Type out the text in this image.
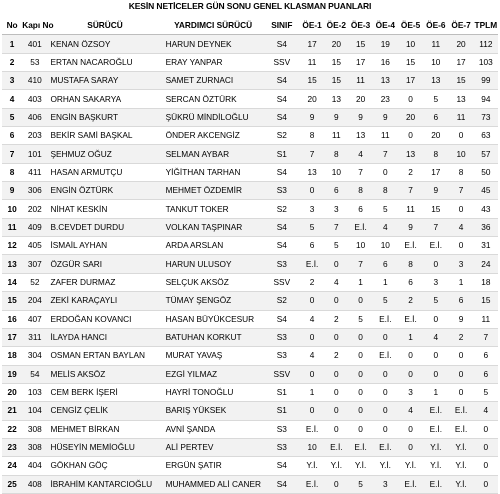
KESİN NETİCELER GÜN SONU GENEL KLASMAN PUANLARI
No	Kapı No	SÜRÜCÜ	YARDIMCI SÜRÜCÜ	SINIF	ÖE-1	ÖE-2	ÖE-3	ÖE-4	ÖE-5	ÖE-6	ÖE-7	TPLM
1	401	KENAN ÖZSOY	HARUN DEYNEK	S4	17	20	15	19	10	11	20	112
2	53	ERTAN NACAROĞLU	ERAY YANPAR	SSV	11	15	17	16	15	10	17	103
3	410	MUSTAFA SARAY	SAMET ZURNACI	S4	15	15	11	13	17	13	15	99
4	403	ORHAN SAKARYA	SERCAN ÖZTÜRK	S4	20	13	20	23	0	5	13	94
5	406	ENGİN BAŞKURT	ŞÜKRÜ MİNDİLOĞLU	S4	9	9	9	9	20	6	11	73
6	203	BEKİR SAMİ BAŞKAL	ÖNDER AKCENGİZ	S2	8	11	13	11	0	20	0	63
7	101	ŞEHMUZ OĞUZ	SELMAN AYBAR	S1	7	8	4	7	13	8	10	57
8	411	HASAN ARMUTÇU	YİĞİTHAN TARHAN	S4	13	10	7	0	2	17	8	50
9	306	ENGİN ÖZTÜRK	MEHMET ÖZDEMİR	S3	0	6	8	8	7	9	7	45
10	202	NİHAT KESKİN	TANKUT TOKER	S2	3	3	6	5	11	15	0	43
11	409	B.CEVDET DURDU	VOLKAN TAŞPINAR	S4	5	7	E.İ.	4	9	7	4	36
12	405	İSMAİL AYHAN	ARDA ARSLAN	S4	6	5	10	10	E.İ.	E.İ.	0	31
13	307	ÖZGÜR SARI	HARUN ULUSOY	S3	E.İ.	0	7	6	8	0	3	24
14	52	ZAFER DURMAZ	SELÇUK AKSÖZ	SSV	2	4	1	1	6	3	1	18
15	204	ZEKİ KARAÇAYLI	TÜMAY ŞENGÖZ	S2	0	0	0	5	2	5	6	15
16	407	ERDOĞAN KOVANCI	HASAN BÜYÜKCESUR	S4	4	2	5	E.İ.	E.İ.	0	9	11
17	311	İLAYDA HANCI	BATUHAN KORKUT	S3	0	0	0	0	1	4	2	7
18	304	OSMAN ERTAN BAYLAN	MURAT YAVAŞ	S3	4	2	0	E.İ.	0	0	0	6
19	54	MELİS AKSÖZ	EZGİ YILMAZ	SSV	0	0	0	0	0	0	0	6
20	103	CEM BERK İŞERİ	HAYRİ TONOĞLU	S1	1	0	0	0	3	1	0	5
21	104	CENGİZ ÇELİK	BARIŞ YÜKSEK	S1	0	0	0	0	4	E.İ.	E.İ.	4
22	308	MEHMET BİRKAN	AVNİ ŞANDA	S3	E.İ.	0	0	0	0	E.İ.	E.İ.	0
23	308	HÜSEYİN MEMİOĞLU	ALİ PERTEV	S3	10	E.İ.	E.İ.	E.İ.	0	Y.İ.	Y.İ.	0
24	404	GÖKHAN GÖÇ	ERGÜN ŞATIR	S4	Y.İ.	Y.İ.	Y.İ.	Y.İ.	Y.İ.	Y.İ.	Y.İ.	0
25	408	İBRAHİM KANTARCIOĞLU	MUHAMMED ALİ CANER	S4	E.İ.	0	5	3	E.İ.	E.İ.	Y.İ.	0
